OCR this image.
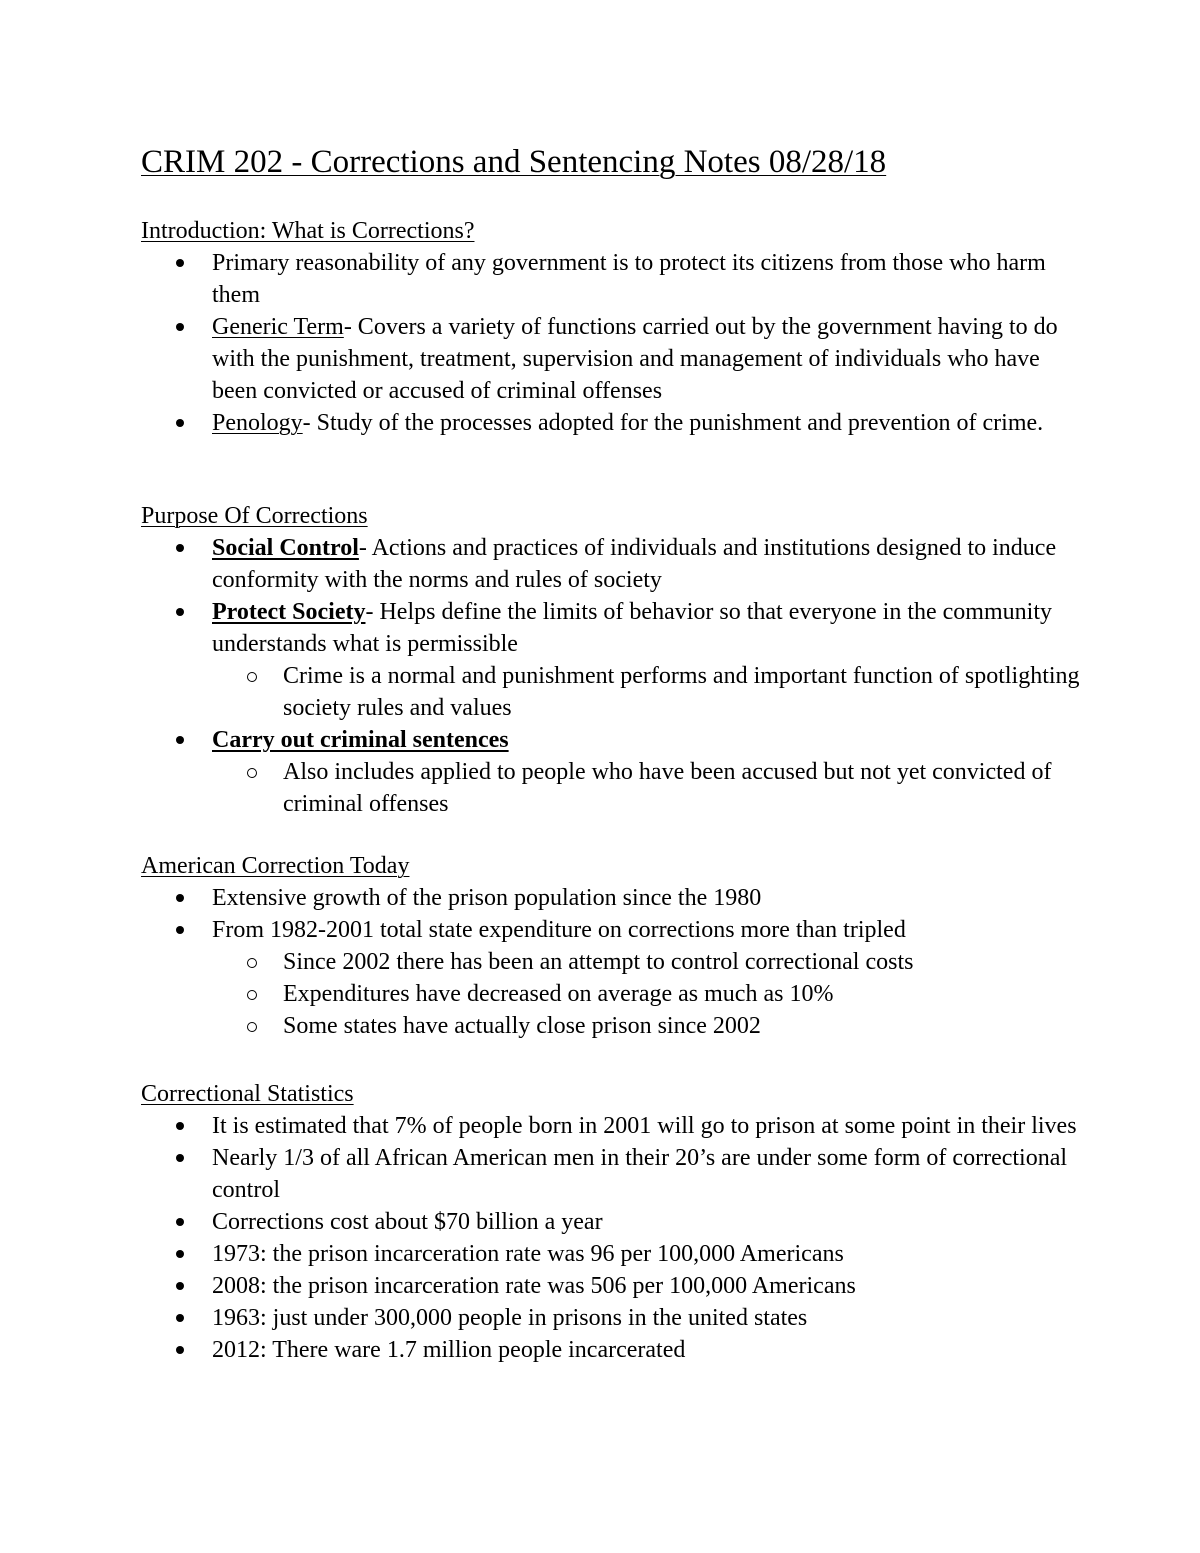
CRIM 202 - Corrections and Sentencing Notes 08/28/18
Introduction: What is Corrections?
Primary reasonability of any government is to protect its citizens from those who harm them
Generic Term- Covers a variety of functions carried out by the government having to do with the punishment, treatment, supervision and management of individuals who have been convicted or accused of criminal offenses
Penology- Study of the processes adopted for the punishment and prevention of crime.
Purpose Of Corrections
Social Control- Actions and practices of individuals and institutions designed to induce conformity with the norms and rules of society
Protect Society- Helps define the limits of behavior so that everyone in the community understands what is permissible
Crime is a normal and punishment performs and important function of spotlighting society rules and values
Carry out criminal sentences
Also includes applied to people who have been accused but not yet convicted of criminal offenses
American Correction Today
Extensive growth of the prison population since the 1980
From 1982-2001 total state expenditure on corrections more than tripled
Since 2002 there has been an attempt to control correctional costs
Expenditures have decreased on average as much as 10%
Some states have actually close prison since 2002
Correctional Statistics
It is estimated that 7% of people born in 2001 will go to prison at some point in their lives
Nearly 1/3 of all African American men in their 20’s are under some form of correctional control
Corrections cost about $70 billion a year
1973: the prison incarceration rate was 96 per 100,000 Americans
2008: the prison incarceration rate was 506 per 100,000 Americans
1963: just under 300,000 people in prisons in the united states
2012: There ware 1.7 million people incarcerated
